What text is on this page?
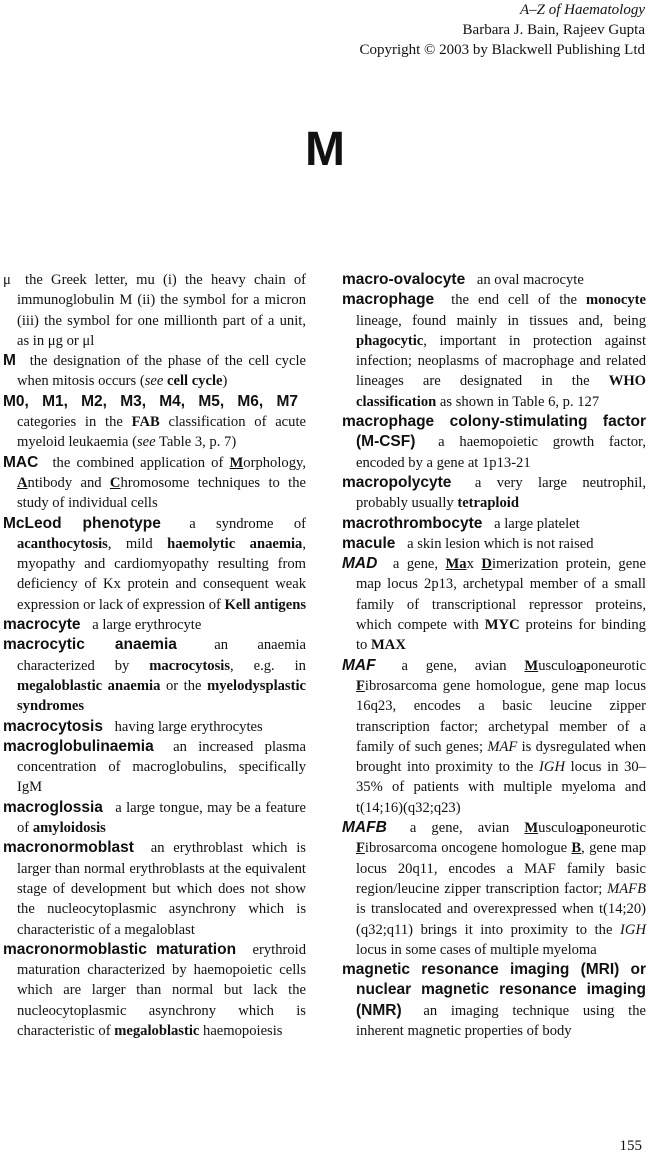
A–Z of Haematology
Barbara J. Bain, Rajeev Gupta
Copyright © 2003 by Blackwell Publishing Ltd
M

μ the Greek letter, mu (i) the heavy chain of immunoglobulin M (ii) the symbol for a micron (iii) the symbol for one millionth part of a unit, as in μg or μl

M the designation of the phase of the cell cycle when mitosis occurs (see cell cycle)

M0, M1, M2, M3, M4, M5, M6, M7 categories in the FAB classification of acute myeloid leukaemia (see Table 3, p. 7)

MAC the combined application of Morphology, Antibody and Chromosome techniques to the study of individual cells

McLeod phenotype a syndrome of acanthocytosis, mild haemolytic anaemia, myopathy and cardiomyopathy resulting from deficiency of Kx protein and consequent weak expression or lack of expression of Kell antigens

macrocyte a large erythrocyte

macrocytic anaemia	an anaemia characterized by macrocytosis, e.g. in megaloblastic anaemia or the myelodysplastic syndromes

macrocytosis having large erythrocytes

macroglobulinaemia an increased plasma concentration of macroglobulins, specifically IgM

macroglossia a large tongue, may be a feature of amyloidosis

macronormoblast an erythroblast which is larger than normal erythroblasts at the equivalent stage of development but which does not show the nucleocytoplasmic asynchrony which is characteristic of a megaloblast

macronormoblastic maturation erythroid maturation characterized by haemopoietic cells which are larger than normal but lack the nucleocytoplasmic asynchrony which is characteristic of megaloblastic haemopoiesis

macro-ovalocyte an oval macrocyte

macrophage the end cell of the monocyte lineage, found mainly in tissues and, being phagocytic, important in protection against infection; neoplasms of macrophage and related lineages are designated in the WHO classification as shown in Table 6, p. 127

macrophage colony-stimulating factor (M-CSF) a haemopoietic growth factor, encoded by a gene at 1p13-21

macropolycyte a very large neutrophil, probably usually tetraploid

macrothrombocyte a large platelet

macule a skin lesion which is not raised

MAD a gene, Max Dimerization protein, gene map locus 2p13, archetypal member of a small family of transcriptional repressor proteins, which compete with MYC proteins for binding to MAX

MAF a gene, avian Musculoaponeurotic Fibrosarcoma gene homologue, gene map locus 16q23, encodes a basic leucine zipper transcription factor; archetypal member of a family of such genes; MAF is dysregulated when brought into proximity to the IGH locus in 30–35% of patients with multiple myeloma and t(14;16)(q32;q23)

MAFB a gene, avian Musculoaponeurotic Fibrosarcoma oncogene homologue B, gene map locus 20q11, encodes a MAF family basic region/leucine zipper transcription factor; MAFB is translocated and overexpressed when t(14;20)(q32;q11) brings it into proximity to the IGH locus in some cases of multiple myeloma

magnetic resonance imaging (MRI) or nuclear magnetic resonance imaging (NMR) an imaging technique using the inherent magnetic properties of body

155
